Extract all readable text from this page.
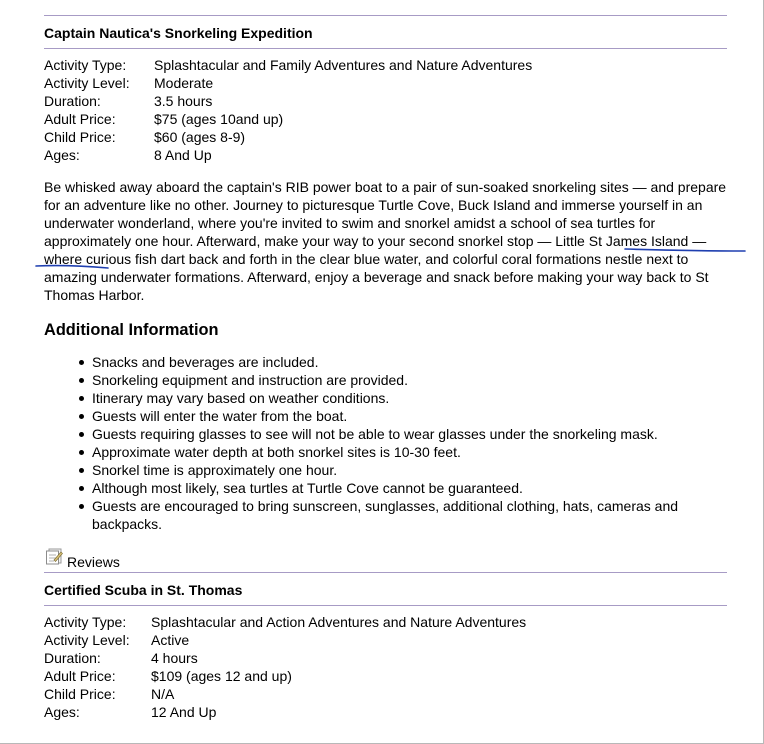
Captain Nautica's Snorkeling Expedition
Activity Type:	Splashtacular and Family Adventures and Nature Adventures
Activity Level:	Moderate
Duration:	3.5 hours
Adult Price:	$75 (ages 10and up)
Child Price:	$60 (ages 8-9)
Ages:	8 And Up

Be whisked away aboard the captain's RIB power boat to a pair of sun-soaked snorkeling sites — and prepare for an adventure like no other. Journey to picturesque Turtle Cove, Buck Island and immerse yourself in an underwater wonderland, where you're invited to swim and snorkel amidst a school of sea turtles for approximately one hour. Afterward, make your way to your second snorkel stop — Little St James Island — where curious fish dart back and forth in the clear blue water, and colorful coral formations nestle next to amazing underwater formations. Afterward, enjoy a beverage and snack before making your way back to St Thomas Harbor.

Additional Information
Snacks and beverages are included.
Snorkeling equipment and instruction are provided.
Itinerary may vary based on weather conditions.
Guests will enter the water from the boat.
Guests requiring glasses to see will not be able to wear glasses under the snorkeling mask.
Approximate water depth at both snorkel sites is 10-30 feet.
Snorkel time is approximately one hour.
Although most likely, sea turtles at Turtle Cove cannot be guaranteed.
Guests are encouraged to bring sunscreen, sunglasses, additional clothing, hats, cameras and backpacks.
Reviews
Certified Scuba in St. Thomas
Activity Type:	Splashtacular and Action Adventures and Nature Adventures
Activity Level:	Active
Duration:	4 hours
Adult Price:	$109 (ages 12 and up)
Child Price:	N/A
Ages:	12 And Up
